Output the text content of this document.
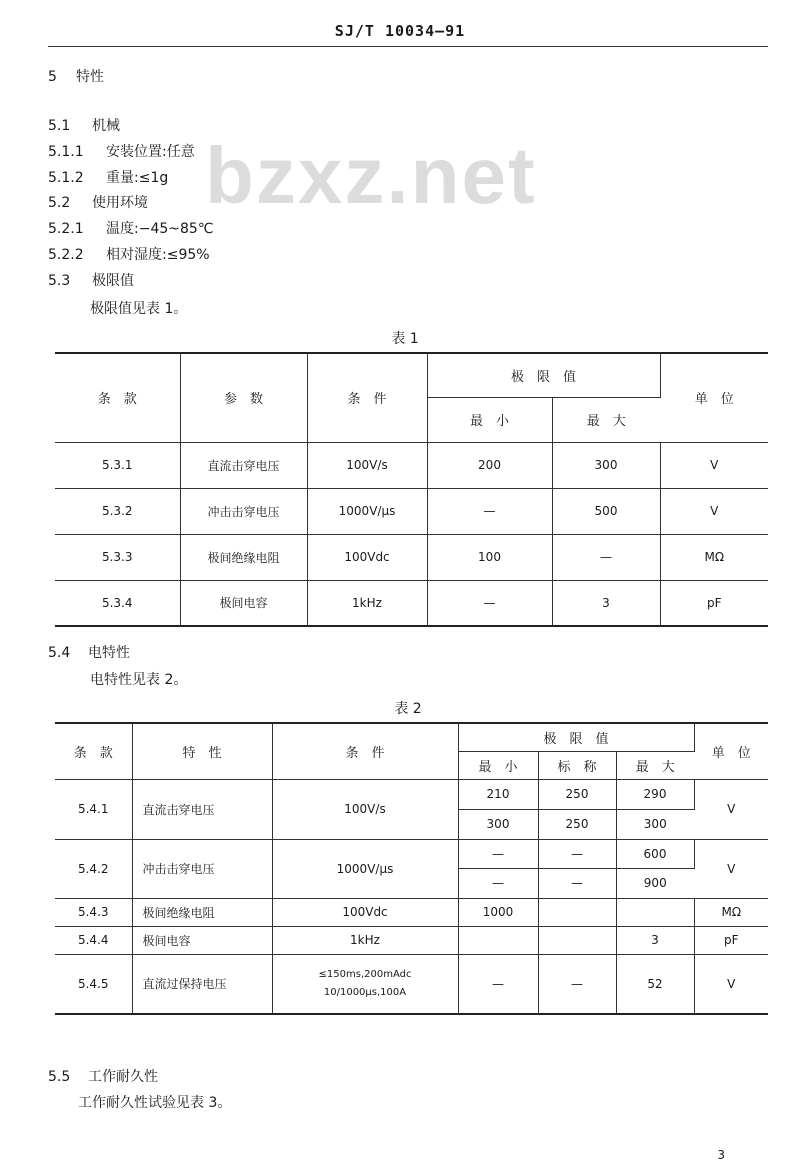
SJ/T 10034—91
bzxz.net
5 特性
5.1 机械
5.1.1 安装位置:任意
5.1.2 重量:≤1g
5.2 使用环境
5.2.1 温度:−45~85℃
5.2.2 相对湿度:≤95%
5.3 极限值
极限值见表 1。
表 1
条　款	参　数	条　件	极　限　值		单　位
			最　小	最　大	
5.3.1	直流击穿电压	100V/s	200	300	V
5.3.2	冲击击穿电压	1000V/μs	—	500	V
5.3.3	极间绝缘电阻	100Vdc	100	—	MΩ
5.3.4	极间电容	1kHz	—	3	pF
5.4 电特性
电特性见表 2。
表 2
条　款	特　性	条　件	极　限　值			单　位
			最　小	标　称	最　大	
5.4.1	直流击穿电压	100V/s	210	250	290	V
			300	250	300	
5.4.2	冲击击穿电压	1000V/μs	—	—	600	V
			—	—	900	
5.4.3	极间绝缘电阻	100Vdc	1000			MΩ
5.4.4	极间电容	1kHz			3	pF
5.4.5	直流过保持电压	≤150ms,200mAdc
10/1000μs,100A	—	—	52	V
5.5 工作耐久性
工作耐久性试验见表 3。
3
